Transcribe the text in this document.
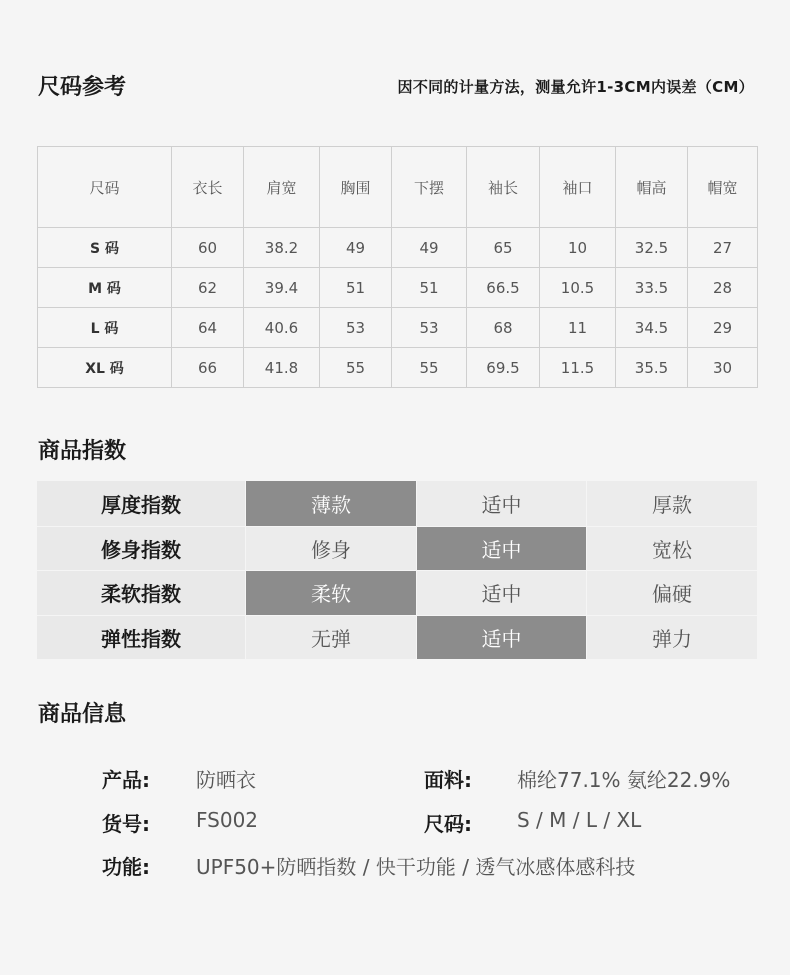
尺码参考	因不同的计量方法，测量允许1-3CM内误差（CM）
尺码	衣长	肩宽	胸围	下摆	袖长	袖口	帽高	帽宽
S 码	60	38.2	49	49	65	10	32.5	27
M 码	62	39.4	51	51	66.5	10.5	33.5	28
L 码	64	40.6	53	53	68	11	34.5	29
XL 码	66	41.8	55	55	69.5	11.5	35.5	30
商品指数
厚度指数	薄款	适中	厚款
修身指数	修身	适中	宽松
柔软指数	柔软	适中	偏硬
弹性指数	无弹	适中	弹力
商品信息
产品: 防晒衣	面料: 棉纶77.1% 氨纶22.9%
货号: FS002	尺码: S / M / L / XL
功能: UPF50+防晒指数 / 快干功能 / 透气冰感体感科技
